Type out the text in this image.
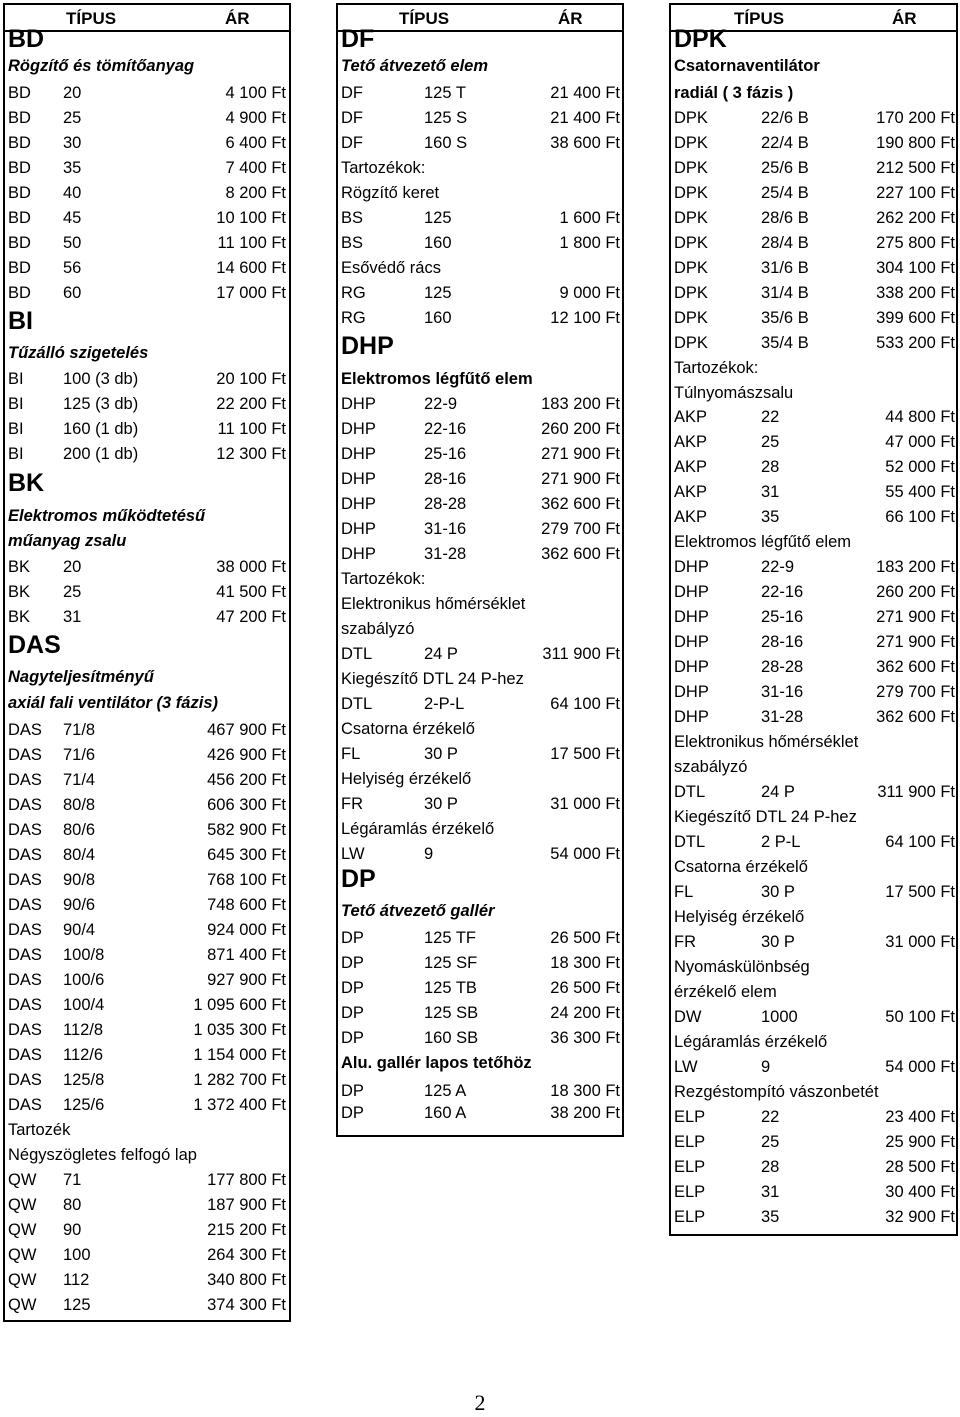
TÍPUS	ÁR
BD
Rögzítő és tömítőanyag
BD 20	4 100 Ft
BD 25	4 900 Ft
BD 30	6 400 Ft
BD 35	7 400 Ft
BD 40	8 200 Ft
BD 45	10 100 Ft
BD 50	11 100 Ft
BD 56	14 600 Ft
BD 60	17 000 Ft
BI
Tűzálló szigetelés
BI 100 (3 db)	20 100 Ft
BI 125 (3 db)	22 200 Ft
BI 160 (1 db)	11 100 Ft
BI 200 (1 db)	12 300 Ft
BK
Elektromos működtetésű
műanyag zsalu
BK 20	38 000 Ft
BK 25	41 500 Ft
BK 31	47 200 Ft
DAS
Nagyteljesítményű
axiál fali ventilátor (3 fázis)
DAS 71/8	467 900 Ft
DAS 71/6	426 900 Ft
DAS 71/4	456 200 Ft
DAS 80/8	606 300 Ft
DAS 80/6	582 900 Ft
DAS 80/4	645 300 Ft
DAS 90/8	768 100 Ft
DAS 90/6	748 600 Ft
DAS 90/4	924 000 Ft
DAS 100/8	871 400 Ft
DAS 100/6	927 900 Ft
DAS 100/4	1 095 600 Ft
DAS 112/8	1 035 300 Ft
DAS 112/6	1 154 000 Ft
DAS 125/8	1 282 700 Ft
DAS 125/6	1 372 400 Ft
Tartozék
Négyszögletes felfogó lap
QW 71	177 800 Ft
QW 80	187 900 Ft
QW 90	215 200 Ft
QW 100	264 300 Ft
QW 112	340 800 Ft
QW 125	374 300 Ft
TÍPUS	ÁR
DF
Tető átvezető elem
DF	125 T	21 400 Ft
DF	125 S	21 400 Ft
DF	160 S	38 600 Ft
Tartozékok:
Rögzítő keret
BS	125	1 600 Ft
BS	160	1 800 Ft
Esővédő rács
RG	125	9 000 Ft
RG	160	12 100 Ft
DHP
Elektromos légfűtő elem
DHP	22-9	183 200 Ft
DHP	22-16	260 200 Ft
DHP	25-16	271 900 Ft
DHP	28-16	271 900 Ft
DHP	28-28	362 600 Ft
DHP	31-16	279 700 Ft
DHP	31-28	362 600 Ft
Tartozékok:
Elektronikus hőmérséklet
szabályzó
DTL	24 P	311 900 Ft
Kiegészítő DTL 24 P-hez
DTL	2-P-L	64 100 Ft
Csatorna érzékelő
FL	30 P	17 500 Ft
Helyiség érzékelő
FR	30 P	31 000 Ft
Légáramlás érzékelő
LW	9	54 000 Ft
DP
Tető átvezető gallér
DP	125 TF	26 500 Ft
DP	125 SF	18 300 Ft
DP	125 TB	26 500 Ft
DP	125 SB	24 200 Ft
DP	160 SB	36 300 Ft
Alu. gallér lapos tetőhöz
DP	125 A	18 300 Ft
DP	160 A	38 200 Ft
TÍPUS	ÁR
DPK
Csatornaventilátor
radiál ( 3 fázis )
DPK	22/6 B	170 200 Ft
DPK	22/4 B	190 800 Ft
DPK	25/6 B	212 500 Ft
DPK	25/4 B	227 100 Ft
DPK	28/6 B	262 200 Ft
DPK	28/4 B	275 800 Ft
DPK	31/6 B	304 100 Ft
DPK	31/4 B	338 200 Ft
DPK	35/6 B	399 600 Ft
DPK	35/4 B	533 200 Ft
Tartozékok:
Túlnyomászsalu
AKP	22	44 800 Ft
AKP	25	47 000 Ft
AKP	28	52 000 Ft
AKP	31	55 400 Ft
AKP	35	66 100 Ft
Elektromos légfűtő elem
DHP	22-9	183 200 Ft
DHP	22-16	260 200 Ft
DHP	25-16	271 900 Ft
DHP	28-16	271 900 Ft
DHP	28-28	362 600 Ft
DHP	31-16	279 700 Ft
DHP	31-28	362 600 Ft
Elektronikus hőmérséklet
szabályzó
DTL	24 P	311 900 Ft
Kiegészítő DTL 24 P-hez
DTL	2 P-L	64 100 Ft
Csatorna érzékelő
FL	30 P	17 500 Ft
Helyiség érzékelő
FR	30 P	31 000 Ft
Nyomáskülönbség
érzékelő elem
DW	1000	50 100 Ft
Légáramlás érzékelő
LW	9	54 000 Ft
Rezgéstompító vászonbetét
ELP	22	23 400 Ft
ELP	25	25 900 Ft
ELP	28	28 500 Ft
ELP	31	30 400 Ft
ELP	35	32 900 Ft
2
